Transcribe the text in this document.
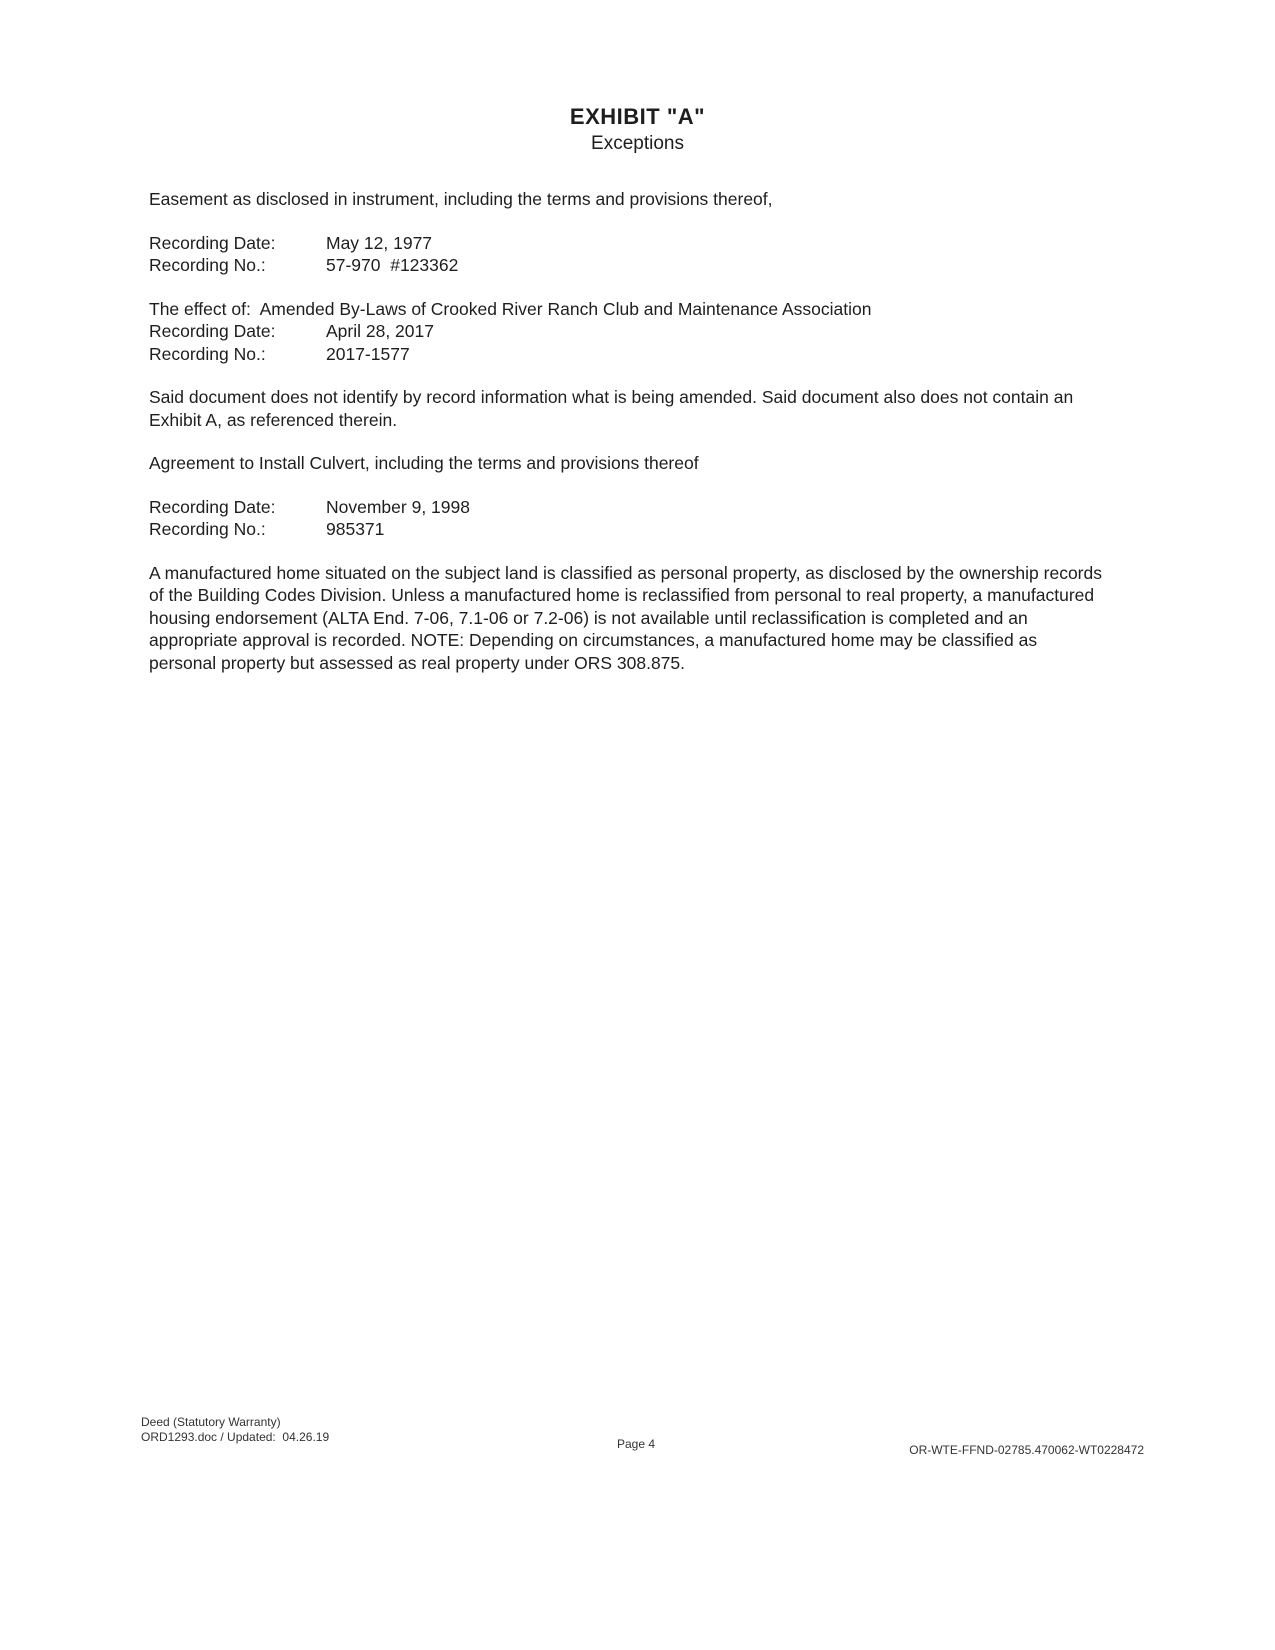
EXHIBIT "A"
Exceptions

Easement as disclosed in instrument, including the terms and provisions thereof,

Recording Date:	May 12, 1977
Recording No.:	57-970  #123362

The effect of:  Amended By-Laws of Crooked River Ranch Club and Maintenance Association

Recording Date:	April 28, 2017
Recording No.:	2017-1577

Said document does not identify by record information what is being amended. Said document also does not contain an Exhibit A, as referenced therein.

Agreement to Install Culvert, including the terms and provisions thereof

Recording Date:	November 9, 1998
Recording No.:	985371

A manufactured home situated on the subject land is classified as personal property, as disclosed by the ownership records of the Building Codes Division. Unless a manufactured home is reclassified from personal to real property, a manufactured housing endorsement (ALTA End. 7-06, 7.1-06 or 7.2-06) is not available until reclassification is completed and an appropriate approval is recorded. NOTE: Depending on circumstances, a manufactured home may be classified as personal property but assessed as real property under ORS 308.875.

Deed (Statutory Warranty)
ORD1293.doc / Updated:  04.26.19	Page 4	OR-WTE-FFND-02785.470062-WT0228472
